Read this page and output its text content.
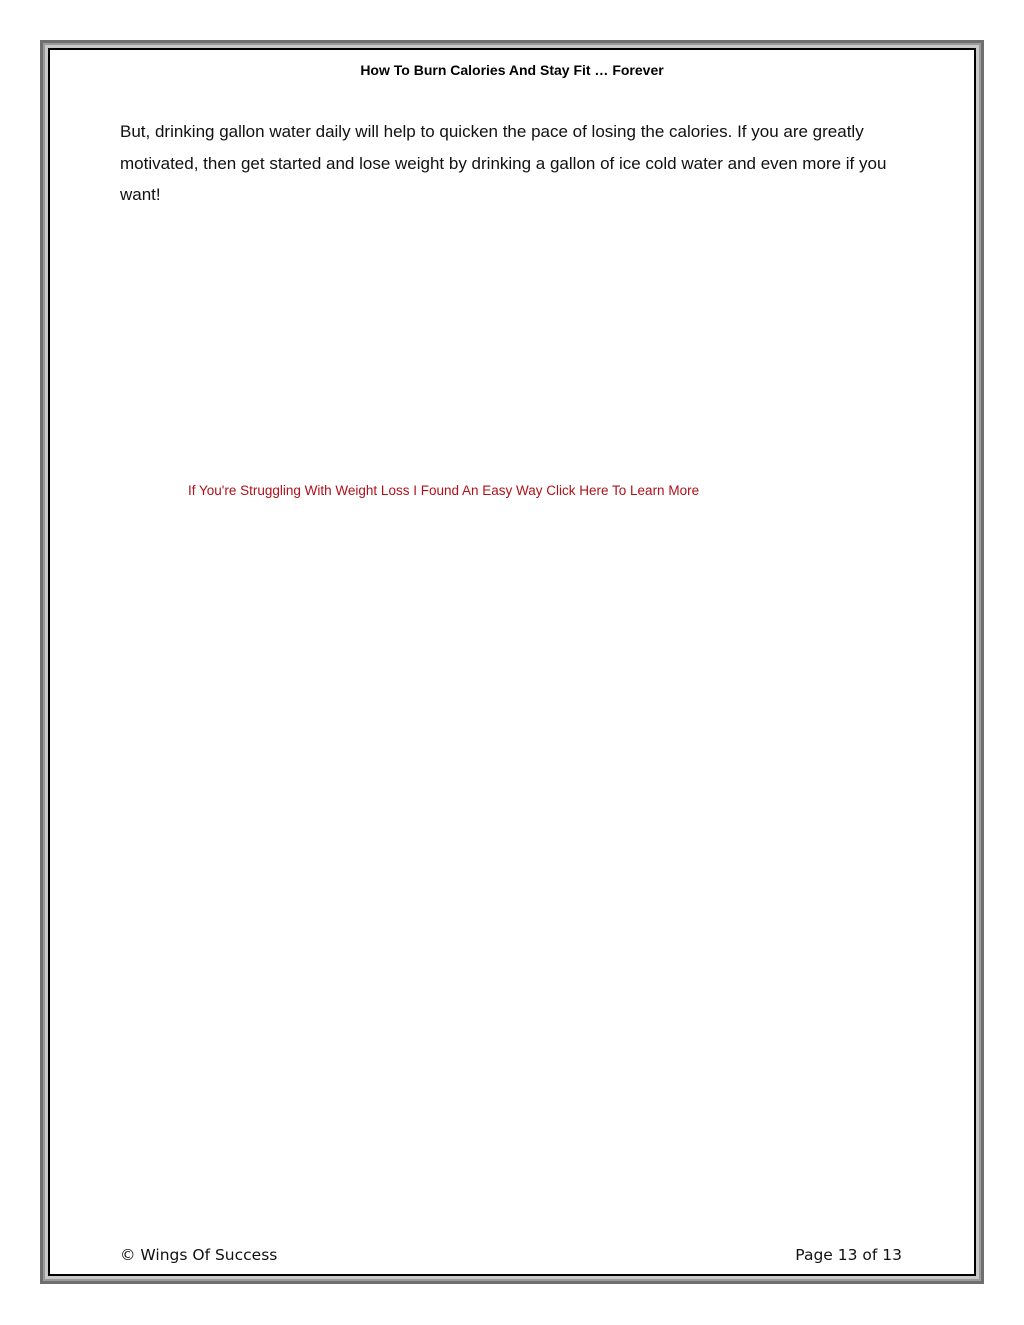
How To Burn Calories And Stay Fit … Forever

But, drinking gallon water daily will help to quicken the pace of losing the calories. If you are greatly motivated, then get started and lose weight by drinking a gallon of ice cold water and even more if you want!

If You're Struggling With Weight Loss I Found An Easy Way Click Here To Learn More
© Wings Of Success	Page 13 of 13
